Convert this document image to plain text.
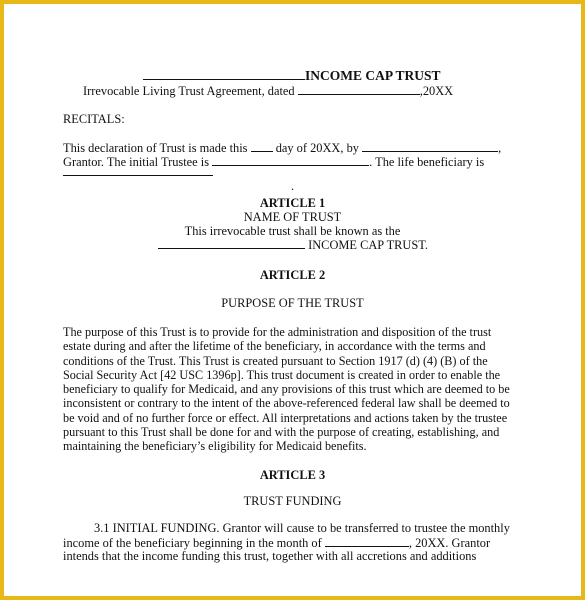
INCOME CAP TRUST
Irrevocable Living Trust Agreement, dated	,20XX
RECITALS:
This declaration of Trust is made this day of 20XX, by	,
Grantor. The initial Trustee is	. The life beneficiary is
.
ARTICLE 1
NAME OF TRUST
This irrevocable trust shall be known as the
INCOME CAP TRUST.
ARTICLE 2
PURPOSE OF THE TRUST
The purpose of this Trust is to provide for the administration and disposition of the trust
estate during and after the lifetime of the beneficiary, in accordance with the terms and
conditions of the Trust. This Trust is created pursuant to Section 1917 (d) (4) (B) of the
Social Security Act [42 USC 1396p]. This trust document is created in order to enable the
beneficiary to qualify for Medicaid, and any provisions of this trust which are deemed to be
inconsistent or contrary to the intent of the above-referenced federal law shall be deemed to
be void and of no further force or effect. All interpretations and actions taken by the trustee
pursuant to this Trust shall be done for and with the purpose of creating, establishing, and
maintaining the beneficiary’s eligibility for Medicaid benefits.
ARTICLE 3
TRUST FUNDING
3.1 INITIAL FUNDING. Grantor will cause to be transferred to trustee the monthly
income of the beneficiary beginning in the month of	, 20XX. Grantor
intends that the income funding this trust, together with all accretions and additions
